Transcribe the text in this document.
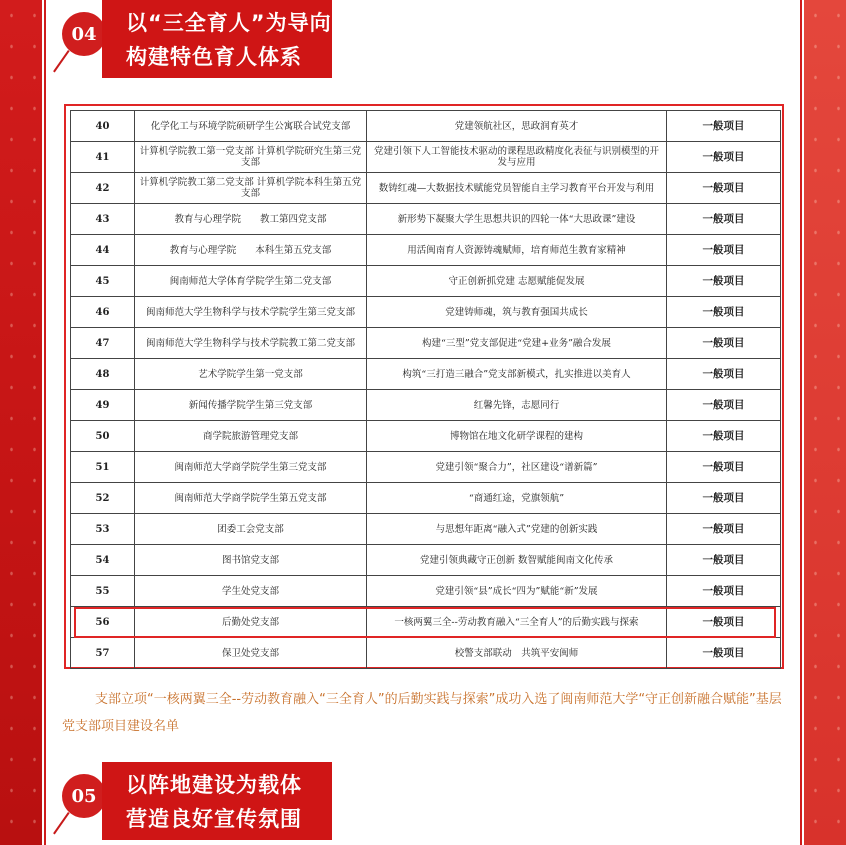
04	以“三全育人”为导向
构建特色育人体系
40	化学化工与环境学院硕研学生公寓联合试党支部	党建领航社区，思政润育英才	一般项目
41	计算机学院教工第一党支部 计算机学院研究生第三党支部	党建引领下人工智能技术驱动的课程思政精度化表征与识别模型的开发与应用	一般项目
42	计算机学院教工第二党支部 计算机学院本科生第五党支部	数铸红魂—大数据技术赋能党员智能自主学习教育平台开发与利用	一般项目
43	教育与心理学院　　教工第四党支部	新形势下凝聚大学生思想共识的四轮一体“大思政课”建设	一般项目
44	教育与心理学院　　本科生第五党支部	用活闽南育人资源铸魂赋师，培育师范生教育家精神	一般项目
45	闽南师范大学体育学院学生第二党支部	守正创新抓党建 志愿赋能促发展	一般项目
46	闽南师范大学生物科学与技术学院学生第三党支部	党建铸师魂，筑与教育强国共成长	一般项目
47	闽南师范大学生物科学与技术学院教工第二党支部	构建“三型”党支部促进“党建+业务”融合发展	一般项目
48	艺术学院学生第一党支部	构筑“三打造三融合”党支部新模式，扎实推进以美育人	一般项目
49	新闻传播学院学生第三党支部	红馨先锋，志愿同行	一般项目
50	商学院旅游管理党支部	博物馆在地文化研学课程的建构	一般项目
51	闽南师范大学商学院学生第三党支部	党建引领“聚合力”，社区建设“谱新篇”	一般项目
52	闽南师范大学商学院学生第五党支部	“商通红途，党旗领航”	一般项目
53	团委工会党支部	与思想年距离“融入式”党建的创新实践	一般项目
54	图书馆党支部	党建引领典藏守正创新 数智赋能闽南文化传承	一般项目
55	学生处党支部	党建引领“县”成长“四为”赋能“新”发展	一般项目
56	后勤处党支部	一核两翼三全--劳动教育融入“三全育人”的后勤实践与探索	一般项目
57	保卫处党支部	校警支部联动　共筑平安闽师	一般项目
支部立项“一核两翼三全--劳动教育融入“三全育人”的后勤实践与探索”成功入选了闽南师范大学“守正创新融合赋能”基层党支部项目建设名单
05	以阵地建设为载体
营造良好宣传氛围
